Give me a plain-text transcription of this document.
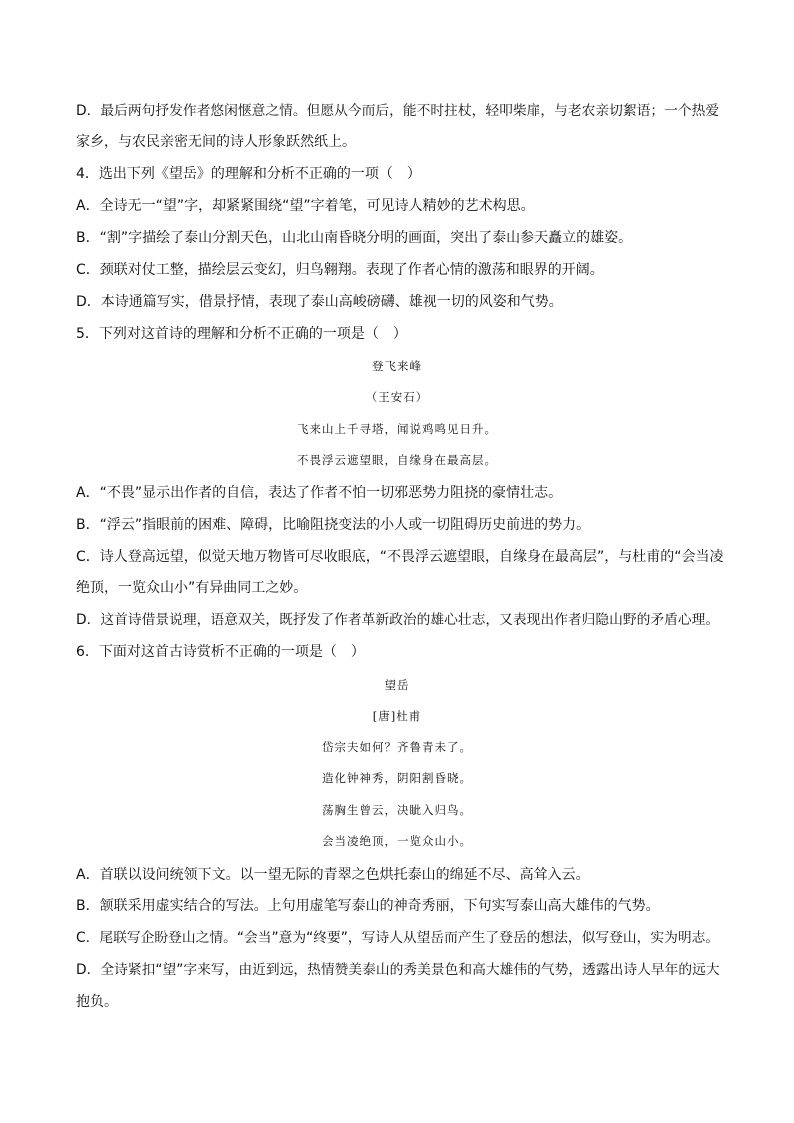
D．最后两句抒发作者悠闲惬意之情。但愿从今而后，能不时拄杖，轻叩柴扉，与老农亲切絮语；一个热爱
家乡，与农民亲密无间的诗人形象跃然纸上。
4．选出下列《望岳》的理解和分析不正确的一项（　）
A．全诗无一“望”字，却紧紧围绕“望”字着笔，可见诗人精妙的艺术构思。
B．“割”字描绘了泰山分割天色，山北山南昏晓分明的画面，突出了泰山参天矗立的雄姿。
C．颈联对仗工整，描绘层云变幻，归鸟翱翔。表现了作者心情的激荡和眼界的开阔。
D．本诗通篇写实，借景抒情，表现了泰山高峻磅礴、雄视一切的风姿和气势。
5．下列对这首诗的理解和分析不正确的一项是（　）
登飞来峰
（王安石）
飞来山上千寻塔，闻说鸡鸣见日升。
不畏浮云遮望眼，自缘身在最高层。
A．“不畏”显示出作者的自信，表达了作者不怕一切邪恶势力阻挠的豪情壮志。
B．“浮云”指眼前的困难、障碍，比喻阻挠变法的小人或一切阻碍历史前进的势力。
C．诗人登高远望，似觉天地万物皆可尽收眼底，“不畏浮云遮望眼，自缘身在最高层”，与杜甫的“会当凌
绝顶，一览众山小”有异曲同工之妙。
D．这首诗借景说理，语意双关，既抒发了作者革新政治的雄心壮志，又表现出作者归隐山野的矛盾心理。
6．下面对这首古诗赏析不正确的一项是（　）
望岳
[唐]杜甫
岱宗夫如何？齐鲁青未了。
造化钟神秀，阴阳割昏晓。
荡胸生曾云，决眦入归鸟。
会当凌绝顶，一览众山小。
A．首联以设问统领下文。以一望无际的青翠之色烘托泰山的绵延不尽、高耸入云。
B．颔联采用虚实结合的写法。上句用虚笔写泰山的神奇秀丽，下句实写泰山高大雄伟的气势。
C．尾联写企盼登山之情。“会当”意为“终要”，写诗人从望岳而产生了登岳的想法，似写登山，实为明志。
D．全诗紧扣“望”字来写，由近到远，热情赞美泰山的秀美景色和高大雄伟的气势，透露出诗人早年的远大
抱负。
